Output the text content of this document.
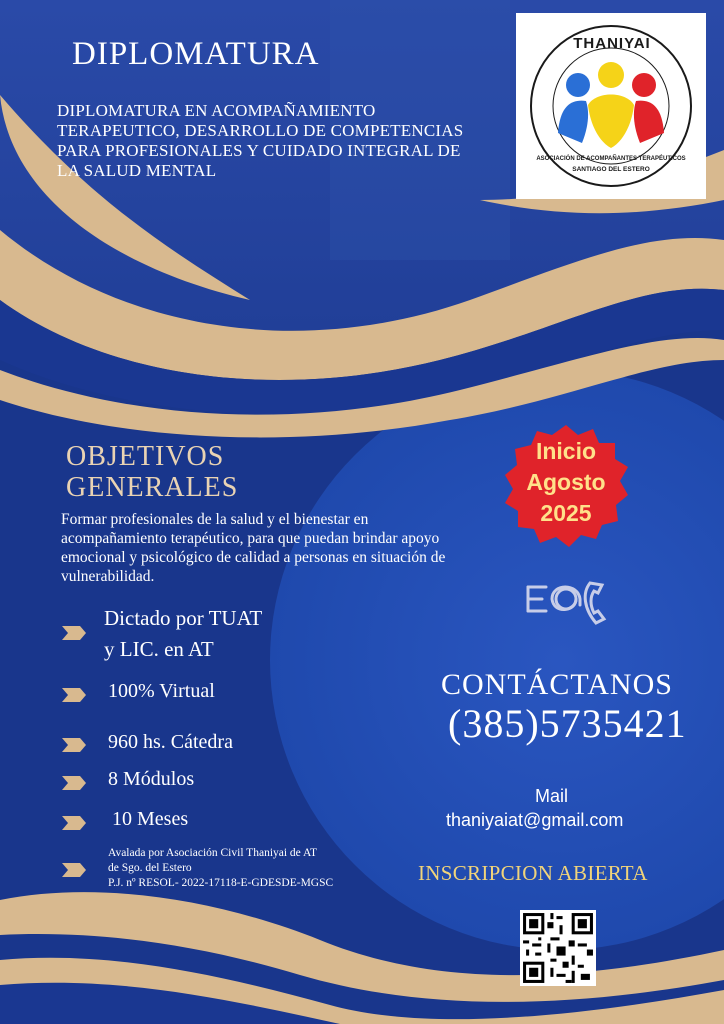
DIPLOMATURA
DIPLOMATURA EN ACOMPAÑAMIENTO TERAPEUTICO, DESARROLLO DE COMPETENCIAS PARA PROFESIONALES Y CUIDADO INTEGRAL DE LA SALUD MENTAL
THANIYAI
ASOCIACIÓN DE ACOMPAÑANTES TERAPÉUTICOS
SANTIAGO DEL ESTERO
OBJETIVOS
GENERALES
Formar profesionales de la salud y el bienestar en acompañamiento terapéutico, para que puedan brindar apoyo emocional y psicológico de calidad a personas en situación de vulnerabilidad.
Dictado por TUAT
y LIC. en AT
100% Virtual
960 hs. Cátedra
8 Módulos
10 Meses
Avalada por Asociación Civil Thaniyai de AT
de Sgo. del Estero
P.J. nº RESOL- 2022-17118-E-GDESDE-MGSC
Inicio
Agosto
2025
CONTÁCTANOS
(385)5735421
Mail
thaniyaiat@gmail.com
INSCRIPCION ABIERTA
